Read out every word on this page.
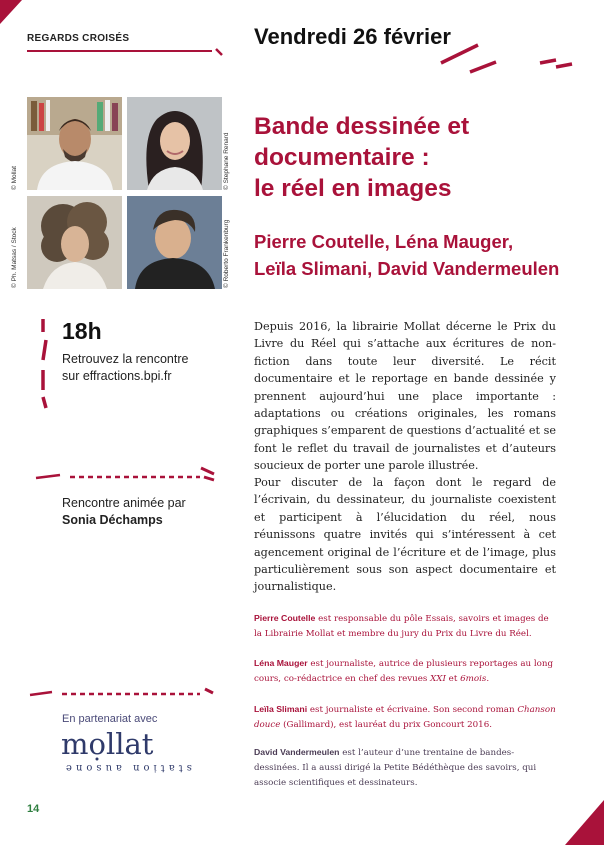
REGARDS CROISÉS	Vendredi 26 février
© Mollat	© Stephane Renard
© Ph. Matsas / Stock	© Roberto Frankenburg
Bande dessinée et
documentaire :
le réel en images
Pierre Coutelle, Léna Mauger,
Leïla Slimani, David Vandermeulen
18h
Retrouvez la rencontre
sur effractions.bpi.fr
Rencontre animée par
Sonia Déchamps
En partenariat avec
mollat
station ausone
14
Depuis 2016, la librairie Mollat décerne le Prix du Livre du Réel qui s’attache aux écritures de non-fiction dans toute leur diversité. Le récit documentaire et le reportage en bande dessinée y prennent aujourd’hui une place importante : adaptations ou créations originales, les romans graphiques s’emparent de questions d’actualité et se font le reflet du travail de journalistes et d’auteurs soucieux de porter une parole illustrée.
Pour discuter de la façon dont le regard de l’écrivain, du dessinateur, du journaliste coexistent et participent à l’élucidation du réel, nous réunissons quatre invités qui s’intéressent à cet agencement original de l’écriture et de l’image, plus particulièrement sous son aspect documentaire et journalistique.
Pierre Coutelle est responsable du pôle Essais, savoirs et images de la Librairie Mollat et membre du jury du Prix du Livre du Réel.
Léna Mauger est journaliste, autrice de plusieurs reportages au long cours, co-rédactrice en chef des revues XXI et 6mois.
Leïla Slimani est journaliste et écrivaine. Son second roman Chanson douce (Gallimard), est lauréat du prix Goncourt 2016.
David Vandermeulen est l’auteur d’une trentaine de bandes-dessinées. Il a aussi dirigé la Petite Bédéthèque des savoirs, qui associe scientifiques et dessinateurs.
